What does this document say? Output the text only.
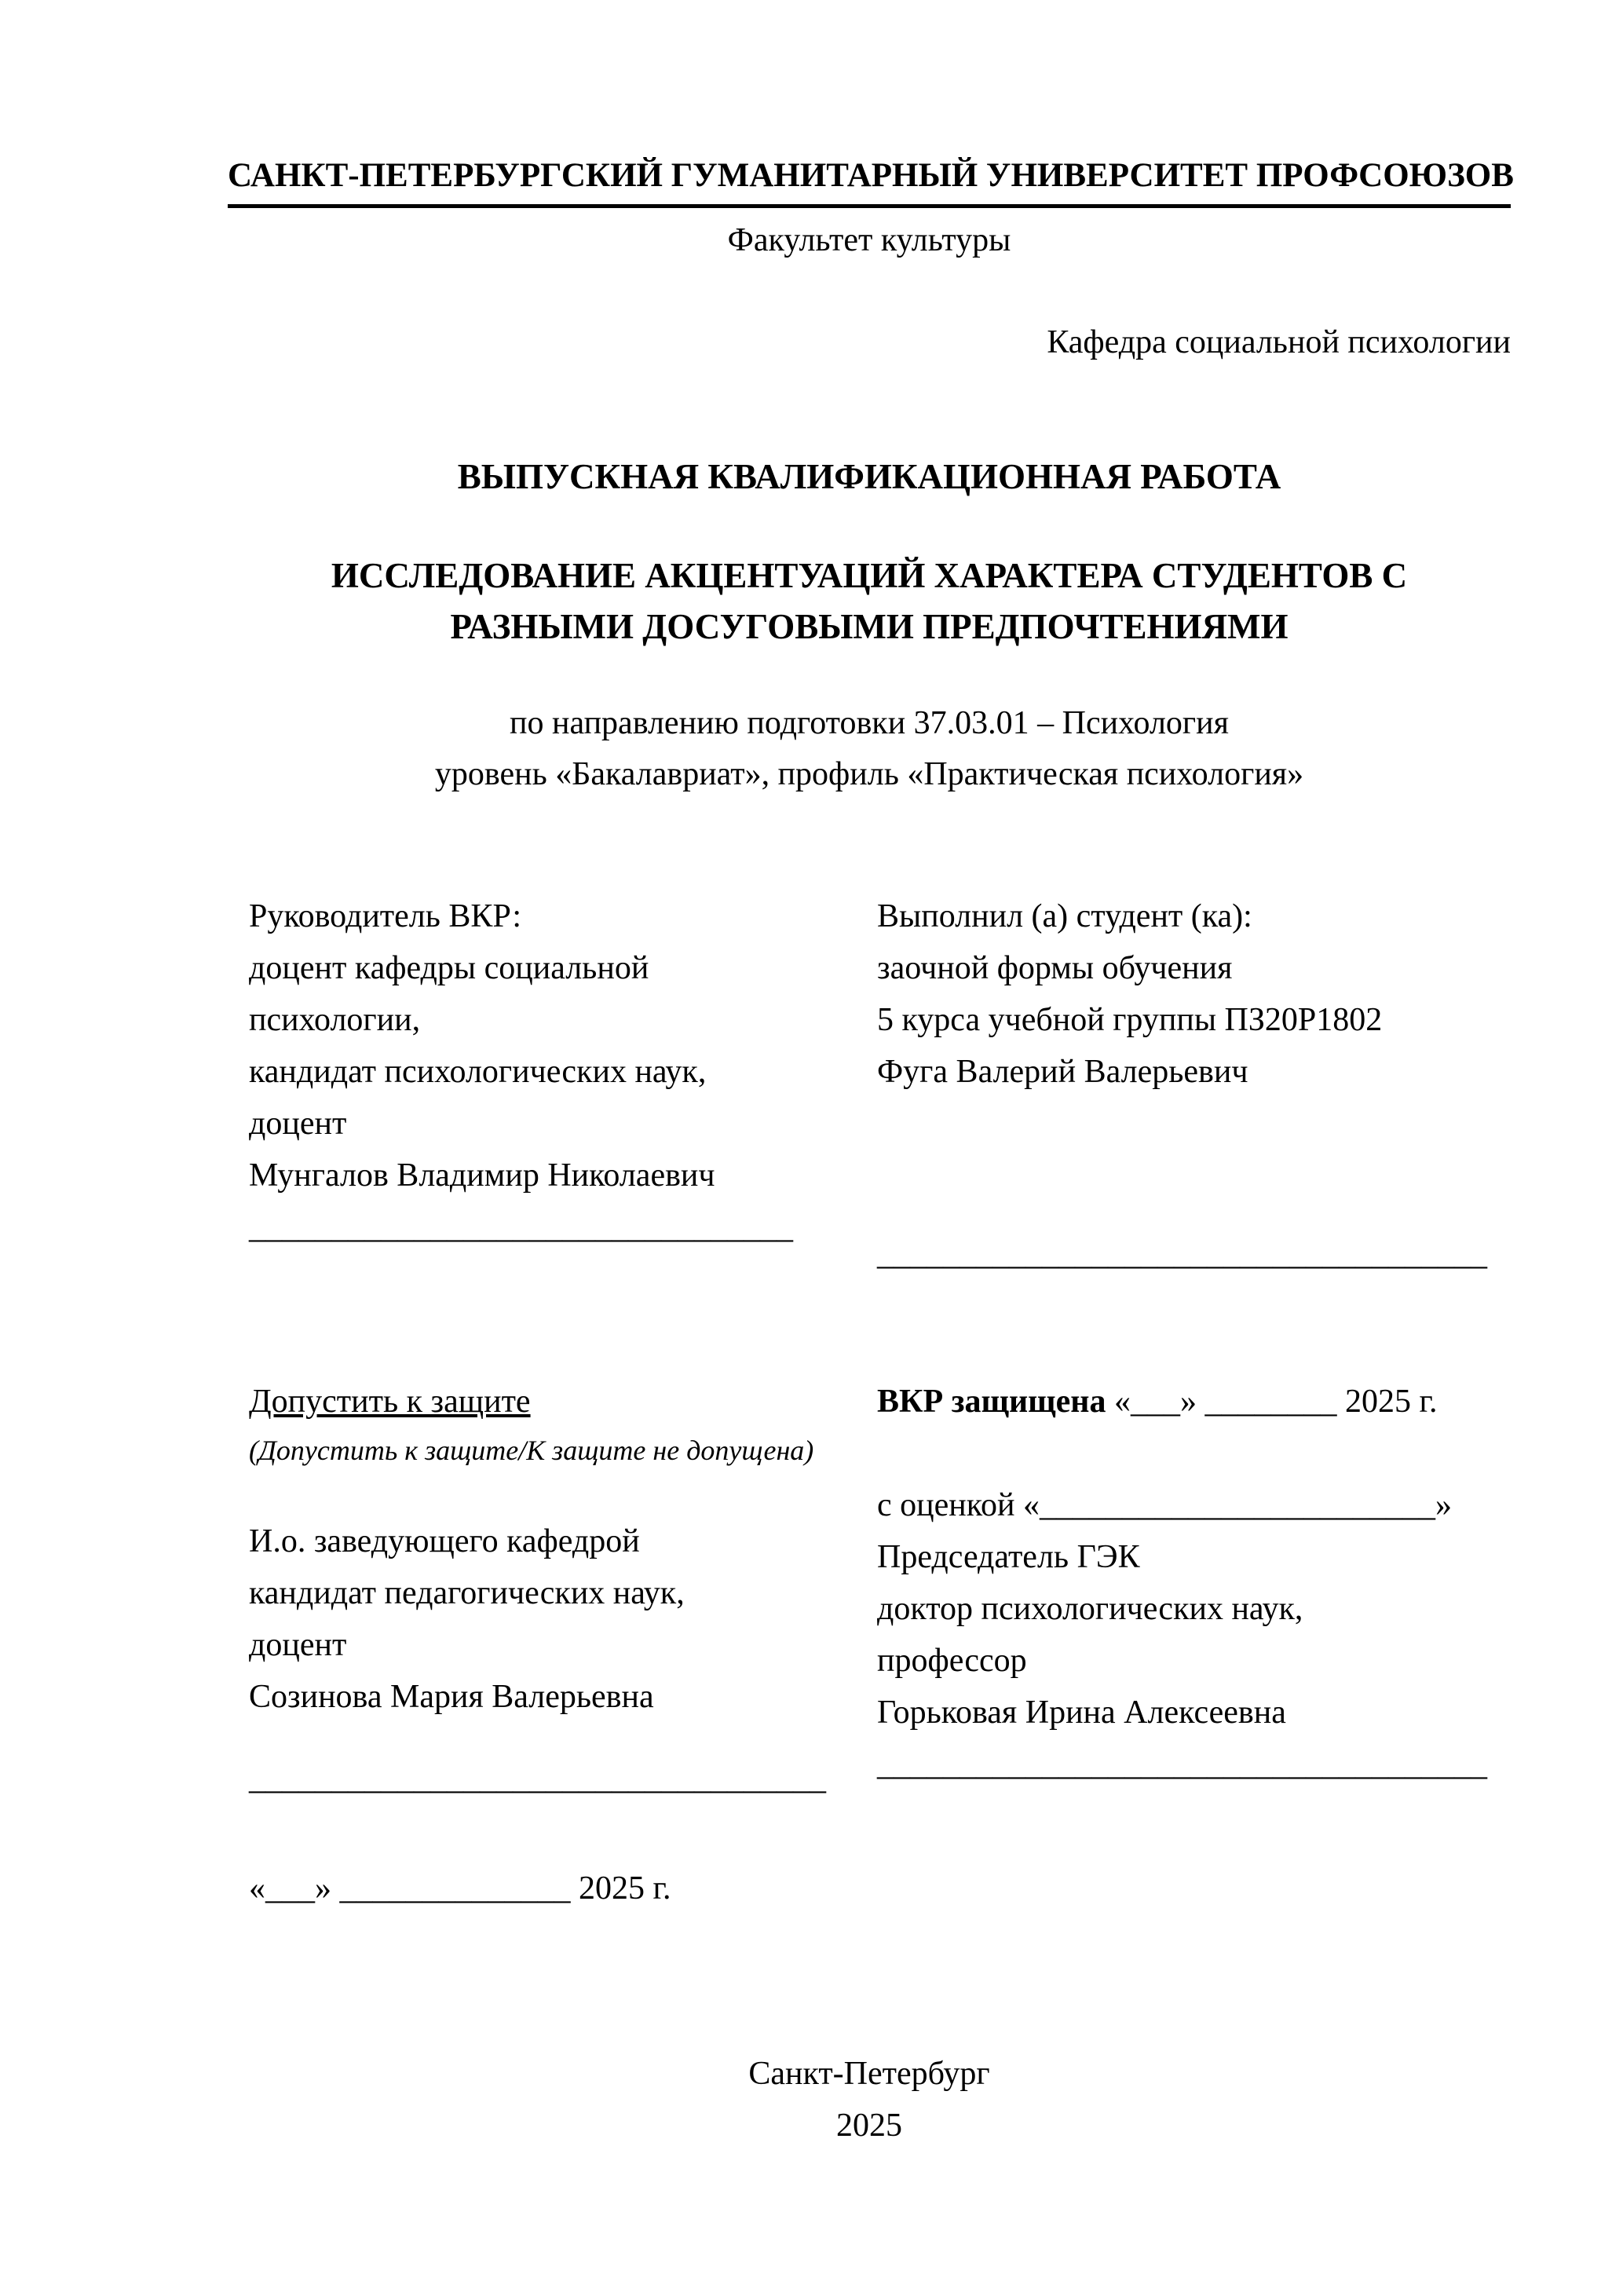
САНКТ-ПЕТЕРБУРГСКИЙ ГУМАНИТАРНЫЙ УНИВЕРСИТЕТ ПРОФСОЮЗОВ
Факультет культуры
Кафедра социальной психологии
ВЫПУСКНАЯ КВАЛИФИКАЦИОННАЯ РАБОТА
ИССЛЕДОВАНИЕ АКЦЕНТУАЦИЙ ХАРАКТЕРА СТУДЕНТОВ С
РАЗНЫМИ ДОСУГОВЫМИ ПРЕДПОЧТЕНИЯМИ
по направлению подготовки 37.03.01 – Психология
уровень «Бакалавриат», профиль «Практическая психология»
Руководитель ВКР:
доцент кафедры социальной
психологии,
кандидат психологических наук,
доцент
Мунгалов Владимир Николаевич
_________________________________
Выполнил (а) студент (ка):
заочной формы обучения
5 курса учебной группы ПЗ20Р1802
Фуга Валерий Валерьевич
_____________________________________
Допустить к защите
(Допустить к защите/К защите не допущена)
ВКР защищена «___» ________ 2025 г.
с оценкой «________________________»
Председатель ГЭК
доктор психологических наук,
профессор
Горьковая Ирина Алексеевна
_____________________________________
И.о. заведующего кафедрой
кандидат педагогических наук,
доцент
Созинова Мария Валерьевна
___________________________________
«___» ______________ 2025 г.
Санкт-Петербург
2025
